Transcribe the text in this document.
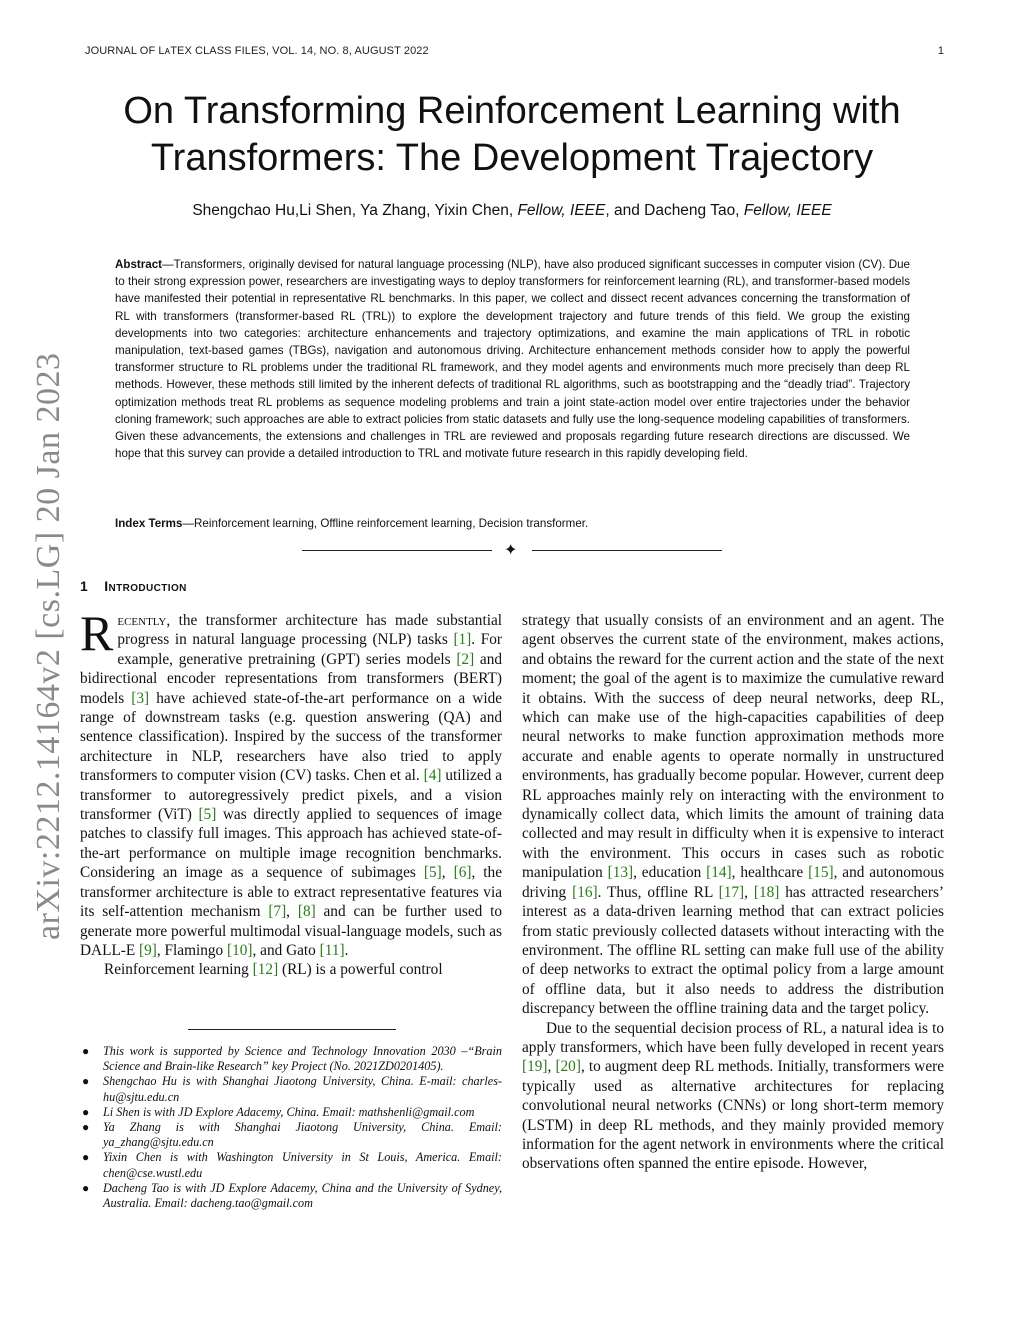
JOURNAL OF LᴀTEX CLASS FILES, VOL. 14, NO. 8, AUGUST 2022	1
On Transforming Reinforcement Learning with Transformers: The Development Trajectory
Shengchao Hu,Li Shen, Ya Zhang, Yixin Chen, Fellow, IEEE, and Dacheng Tao, Fellow, IEEE
Abstract—Transformers, originally devised for natural language processing (NLP), have also produced significant successes in computer vision (CV). Due to their strong expression power, researchers are investigating ways to deploy transformers for reinforcement learning (RL), and transformer-based models have manifested their potential in representative RL benchmarks. In this paper, we collect and dissect recent advances concerning the transformation of RL with transformers (transformer-based RL (TRL)) to explore the development trajectory and future trends of this field. We group the existing developments into two categories: architecture enhancements and trajectory optimizations, and examine the main applications of TRL in robotic manipulation, text-based games (TBGs), navigation and autonomous driving. Architecture enhancement methods consider how to apply the powerful transformer structure to RL problems under the traditional RL framework, and they model agents and environments much more precisely than deep RL methods. However, these methods still limited by the inherent defects of traditional RL algorithms, such as bootstrapping and the “deadly triad”. Trajectory optimization methods treat RL problems as sequence modeling problems and train a joint state-action model over entire trajectories under the behavior cloning framework; such approaches are able to extract policies from static datasets and fully use the long-sequence modeling capabilities of transformers. Given these advancements, the extensions and challenges in TRL are reviewed and proposals regarding future research directions are discussed. We hope that this survey can provide a detailed introduction to TRL and motivate future research in this rapidly developing field.
Index Terms—Reinforcement learning, Offline reinforcement learning, Decision transformer.
✦
arXiv:2212.14164v2 [cs.LG] 20 Jan 2023 1 Introduction

Recently, the transformer architecture has made substantial progress in natural language processing (NLP) tasks [1]. For example, generative pretraining (GPT) series models [2] and bidirectional encoder representations from transformers (BERT) models [3] have achieved state-of-the-art performance on a wide range of downstream tasks (e.g. question answering (QA) and sentence classification). Inspired by the success of the transformer architecture in NLP, researchers have also tried to apply transformers to computer vision (CV) tasks. Chen et al. [4] utilized a transformer to autoregressively predict pixels, and a vision transformer (ViT) [5] was directly applied to sequences of image patches to classify full images. This approach has achieved state-of-the-art performance on multiple image recognition benchmarks. Considering an image as a sequence of subimages [5], [6], the transformer architecture is able to extract representative features via its self-attention mechanism [7], [8] and can be further used to generate more powerful multimodal visual-language models, such as DALL-E [9], Flamingo [10], and Gato [11].

Reinforcement learning [12] (RL) is a powerful control

● This work is supported by Science and Technology Innovation 2030 –“Brain Science and Brain-like Research” key Project (No. 2021ZD0201405).
● Shengchao Hu is with Shanghai Jiaotong University, China. E-mail: charles-hu@sjtu.edu.cn
● Li Shen is with JD Explore Adacemy, China. Email: mathshenli@gmail.com
● Ya Zhang is with Shanghai Jiaotong University, China. Email: ya_zhang@sjtu.edu.cn
● Yixin Chen is with Washington University in St Louis, America. Email: chen@cse.wustl.edu
● Dacheng Tao is with JD Explore Adacemy, China and the University of Sydney, Australia. Email: dacheng.tao@gmail.com

strategy that usually consists of an environment and an agent. The agent observes the current state of the environment, makes actions, and obtains the reward for the current action and the state of the next moment; the goal of the agent is to maximize the cumulative reward it obtains. With the success of deep neural networks, deep RL, which can make use of the high-capacities capabilities of deep neural networks to make function approximation methods more accurate and enable agents to operate normally in unstructured environments, has gradually become popular. However, current deep RL approaches mainly rely on interacting with the environment to dynamically collect data, which limits the amount of training data collected and may result in difficulty when it is expensive to interact with the environment. This occurs in cases such as robotic manipulation [13], education [14], healthcare [15], and autonomous driving [16]. Thus, offline RL [17], [18] has attracted researchers’ interest as a data-driven learning method that can extract policies from static previously collected datasets without interacting with the environment. The offline RL setting can make full use of the ability of deep networks to extract the optimal policy from a large amount of offline data, but it also needs to address the distribution discrepancy between the offline training data and the target policy.

Due to the sequential decision process of RL, a natural idea is to apply transformers, which have been fully developed in recent years [19], [20], to augment deep RL methods. Initially, transformers were typically used as alternative architectures for replacing convolutional neural networks (CNNs) or long short-term memory (LSTM) in deep RL methods, and they mainly provided memory information for the agent network in environments where the critical observations often spanned the entire episode. However,
